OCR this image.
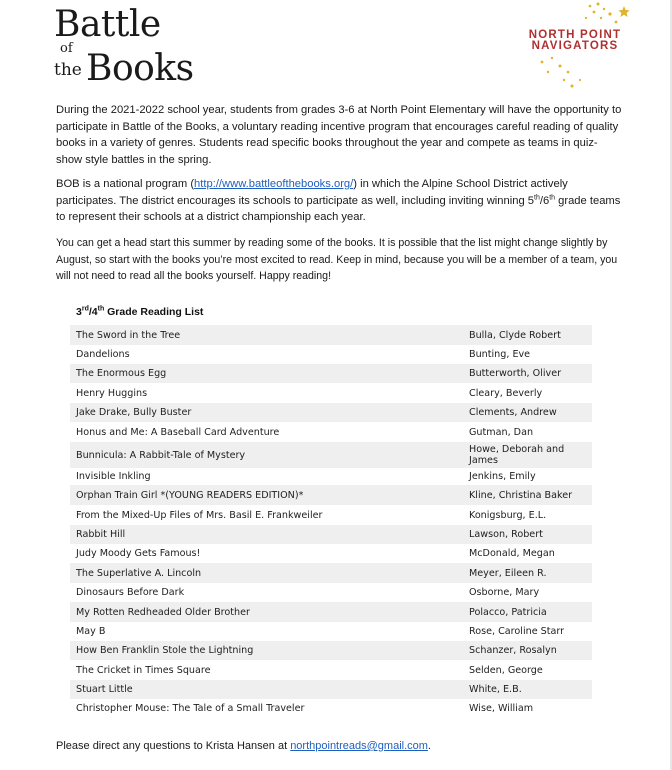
Battle
of
the Books
NORTH POINT
NAVIGATORS
During the 2021-2022 school year, students from grades 3-6 at North Point Elementary will have the opportunity to participate in Battle of the Books, a voluntary reading incentive program that encourages careful reading of quality books in a variety of genres. Students read specific books throughout the year and compete as teams in quiz-show style battles in the spring.
BOB is a national program (http://www.battleofthebooks.org/) in which the Alpine School District actively participates. The district encourages its schools to participate as well, including inviting winning 5th/6th grade teams to represent their schools at a district championship each year.
You can get a head start this summer by reading some of the books. It is possible that the list might change slightly by August, so start with the books you’re most excited to read. Keep in mind, because you will be a member of a team, you will not need to read all the books yourself. Happy reading!
3rd/4th Grade Reading List
The Sword in the Tree	Bulla, Clyde Robert
Dandelions	Bunting, Eve
The Enormous Egg	Butterworth, Oliver
Henry Huggins	Cleary, Beverly
Jake Drake, Bully Buster	Clements, Andrew
Honus and Me: A Baseball Card Adventure	Gutman, Dan
Bunnicula: A Rabbit-Tale of Mystery	Howe, Deborah and James
Invisible Inkling	Jenkins, Emily
Orphan Train Girl *(YOUNG READERS EDITION)*	Kline, Christina Baker
From the Mixed-Up Files of Mrs. Basil E. Frankweiler	Konigsburg, E.L.
Rabbit Hill	Lawson, Robert
Judy Moody Gets Famous!	McDonald, Megan
The Superlative A. Lincoln	Meyer, Eileen R.
Dinosaurs Before Dark	Osborne, Mary
My Rotten Redheaded Older Brother	Polacco, Patricia
May B	Rose, Caroline Starr
How Ben Franklin Stole the Lightning	Schanzer, Rosalyn
The Cricket in Times Square	Selden, George
Stuart Little	White, E.B.
Christopher Mouse: The Tale of a Small Traveler	Wise, William
Please direct any questions to Krista Hansen at northpointreads@gmail.com.
